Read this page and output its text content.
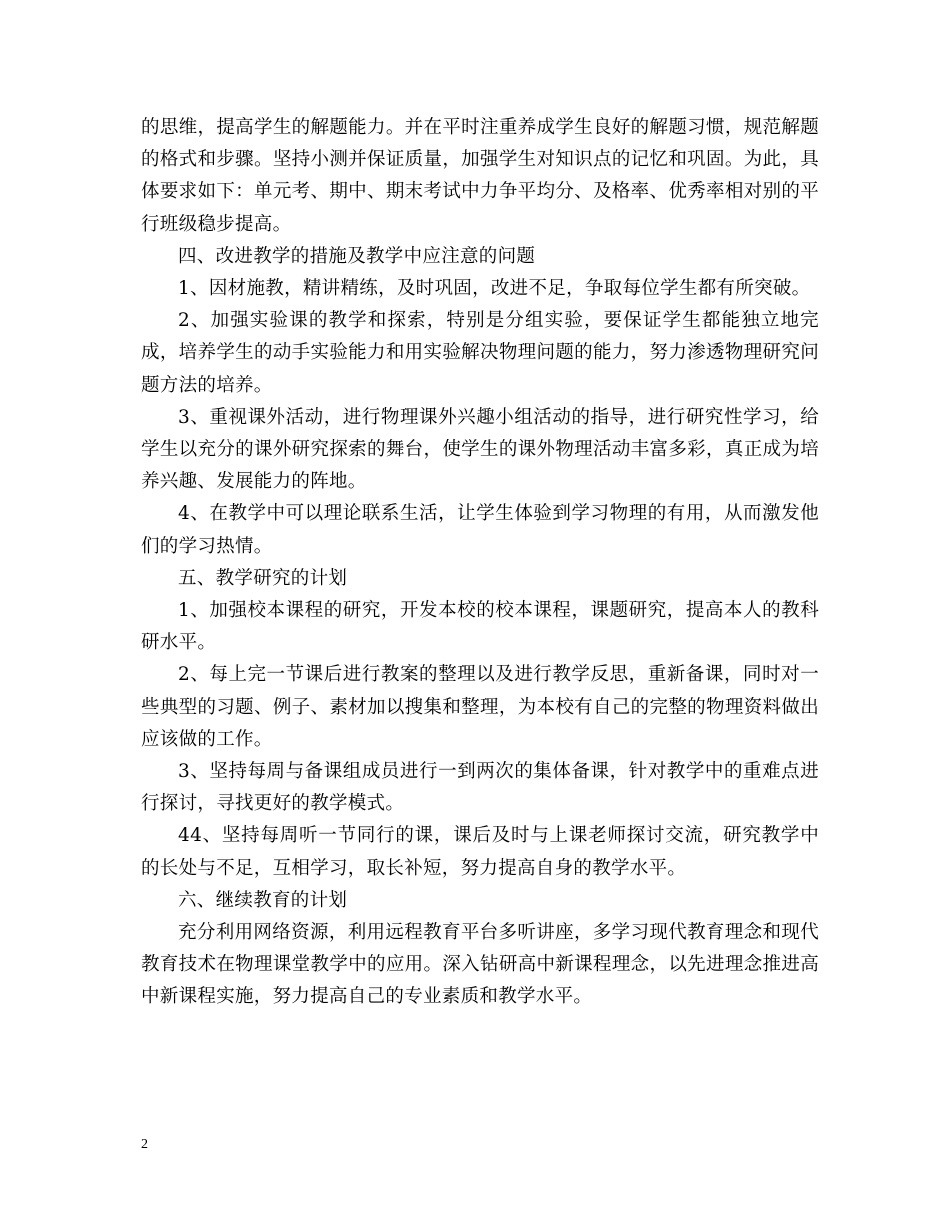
的思维，提高学生的解题能力。并在平时注重养成学生良好的解题习惯，规范解题的格式和步骤。坚持小测并保证质量，加强学生对知识点的记忆和巩固。为此，具体要求如下：单元考、期中、期末考试中力争平均分、及格率、优秀率相对别的平行班级稳步提高。

四、改进教学的措施及教学中应注意的问题

1、因材施教，精讲精练，及时巩固，改进不足，争取每位学生都有所突破。

2、加强实验课的教学和探索，特别是分组实验，要保证学生都能独立地完成，培养学生的动手实验能力和用实验解决物理问题的能力，努力渗透物理研究问题方法的培养。

3、重视课外活动，进行物理课外兴趣小组活动的指导，进行研究性学习，给学生以充分的课外研究探索的舞台，使学生的课外物理活动丰富多彩，真正成为培养兴趣、发展能力的阵地。

4、在教学中可以理论联系生活，让学生体验到学习物理的有用，从而激发他们的学习热情。

五、教学研究的计划

1、加强校本课程的研究，开发本校的校本课程，课题研究，提高本人的教科研水平。

2、每上完一节课后进行教案的整理以及进行教学反思，重新备课，同时对一些典型的习题、例子、素材加以搜集和整理，为本校有自己的完整的物理资料做出应该做的工作。

3、坚持每周与备课组成员进行一到两次的集体备课，针对教学中的重难点进行探讨，寻找更好的教学模式。

44、坚持每周听一节同行的课，课后及时与上课老师探讨交流，研究教学中的长处与不足，互相学习，取长补短，努力提高自身的教学水平。

六、继续教育的计划

充分利用网络资源，利用远程教育平台多听讲座，多学习现代教育理念和现代教育技术在物理课堂教学中的应用。深入钻研高中新课程理念，以先进理念推进高中新课程实施，努力提高自己的专业素质和教学水平。

2
